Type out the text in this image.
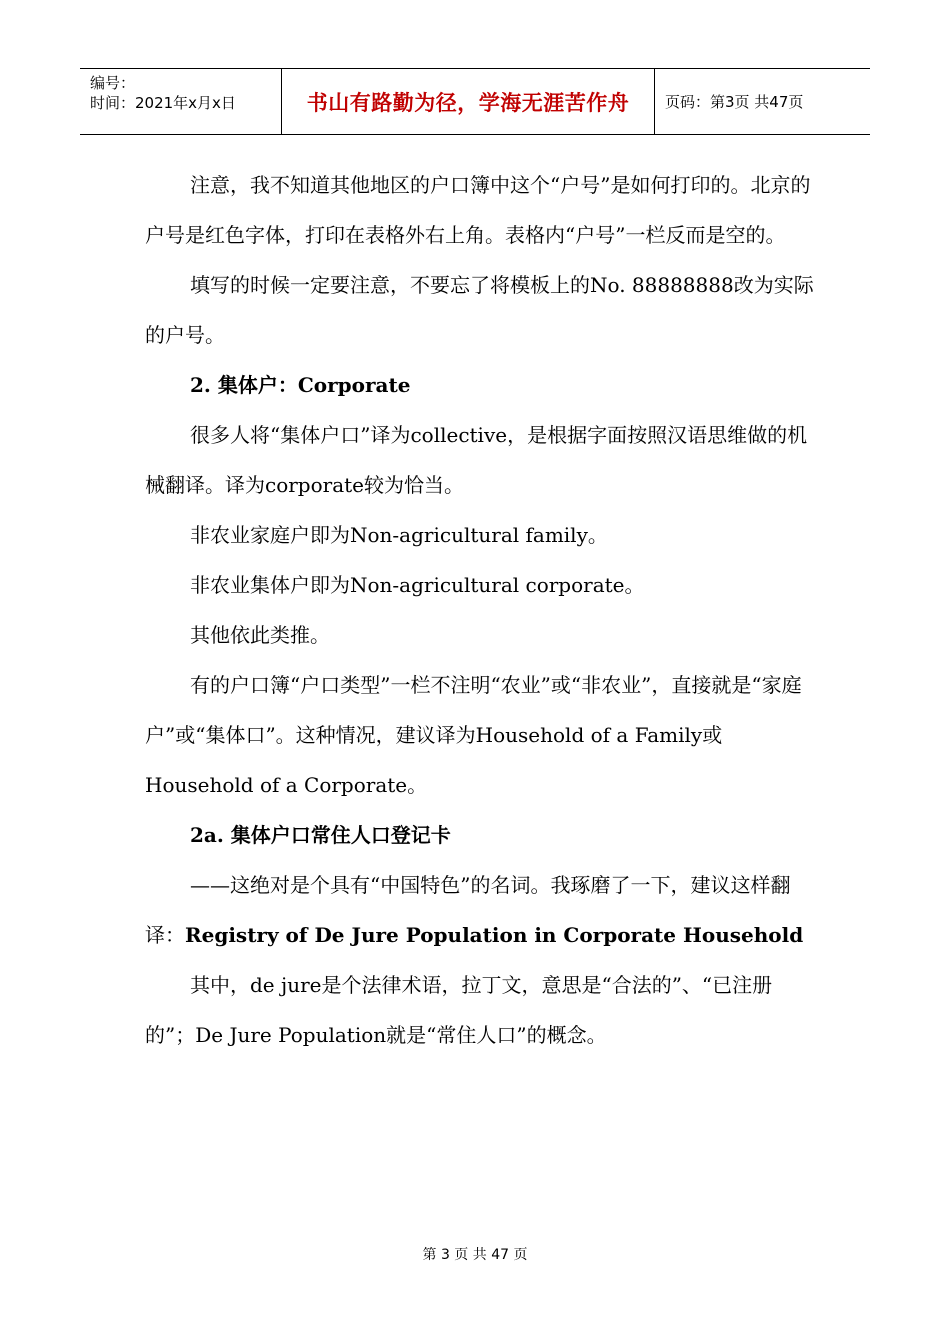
编号：
时间：2021年x月x日	书山有路勤为径，学海无涯苦作舟	页码：第3页 共47页

注意，我不知道其他地区的户口簿中这个“户号”是如何打印的。北京的户号是红色字体，打印在表格外右上角。表格内“户号”一栏反而是空的。

填写的时候一定要注意，不要忘了将模板上的No. 88888888改为实际的户号。

2. 集体户：Corporate

很多人将“集体户口”译为collective，是根据字面按照汉语思维做的机械翻译。译为corporate较为恰当。

非农业家庭户即为Non-agricultural family。

非农业集体户即为Non-agricultural corporate。

其他依此类推。

有的户口簿“户口类型”一栏不注明“农业”或“非农业”，直接就是“家庭户”或“集体口”。这种情况，建议译为Household of a Family或Household of a Corporate。

2a. 集体户口常住人口登记卡

——这绝对是个具有“中国特色”的名词。我琢磨了一下，建议这样翻译：Registry of De Jure Population in Corporate Household

其中，de jure是个法律术语，拉丁文，意思是“合法的”、“已注册的”；De Jure Population就是“常住人口”的概念。

第 3 页 共 47 页
